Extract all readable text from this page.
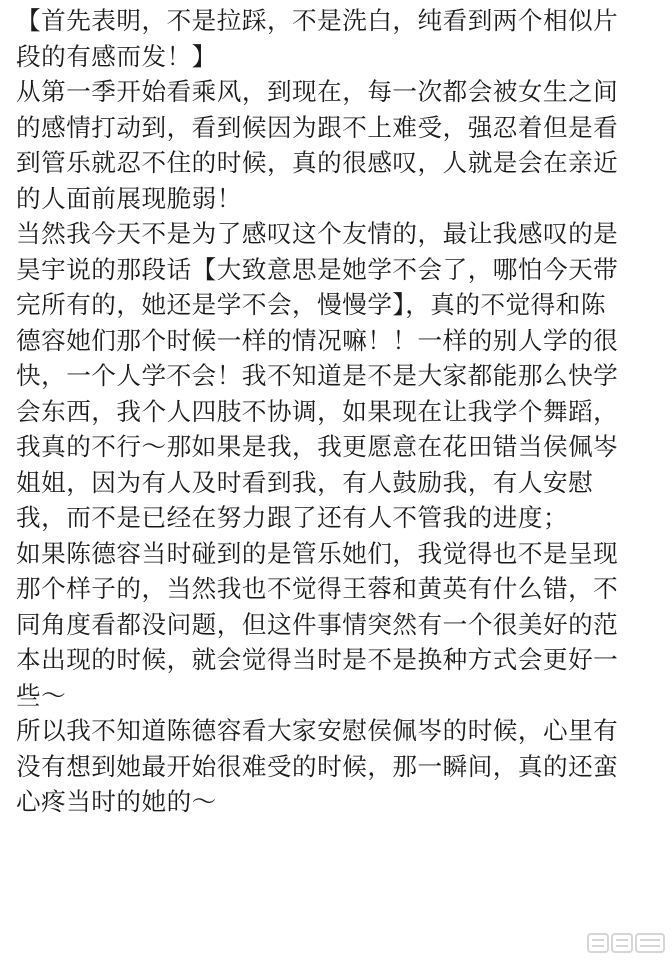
【首先表明，不是拉踩，不是洗白，纯看到两个相似片
段的有感而发！】
从第一季开始看乘风，到现在，每一次都会被女生之间
的感情打动到，看到候因为跟不上难受，强忍着但是看
到管乐就忍不住的时候，真的很感叹，人就是会在亲近
的人面前展现脆弱！
当然我今天不是为了感叹这个友情的，最让我感叹的是
昊宇说的那段话【大致意思是她学不会了，哪怕今天带
完所有的，她还是学不会，慢慢学】，真的不觉得和陈
德容她们那个时候一样的情况嘛！！一样的别人学的很
快，一个人学不会！我不知道是不是大家都能那么快学
会东西，我个人四肢不协调，如果现在让我学个舞蹈，
我真的不行～那如果是我，我更愿意在花田错当侯佩岑
姐姐，因为有人及时看到我，有人鼓励我，有人安慰
我，而不是已经在努力跟了还有人不管我的进度；
如果陈德容当时碰到的是管乐她们，我觉得也不是呈现
那个样子的，当然我也不觉得王蓉和黄英有什么错，不
同角度看都没问题，但这件事情突然有一个很美好的范
本出现的时候，就会觉得当时是不是换种方式会更好一
些～
所以我不知道陈德容看大家安慰侯佩岑的时候，心里有
没有想到她最开始很难受的时候，那一瞬间，真的还蛮
心疼当时的她的～
